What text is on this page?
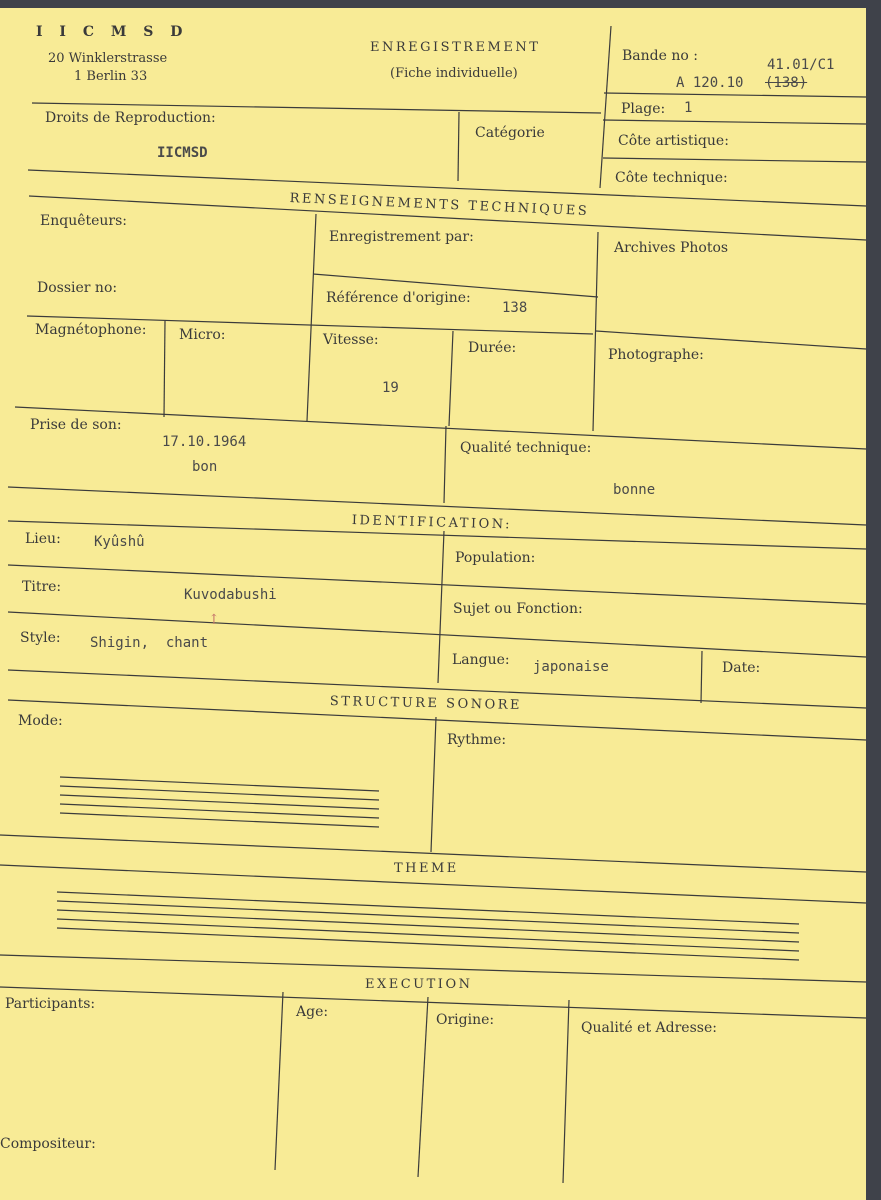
I I C M S D
20 Winklerstrasse
1 Berlin 33
ENREGISTREMENT
(Fiche individuelle)
Bande no :
41.01/C1
A 120.10 (138)
Plage: 1
Côte artistique:
Côte technique:
Droits de Reproduction:
IICMSD
Catégorie
RENSEIGNEMENTS TECHNIQUES
Enquêteurs:
Enregistrement par:
Archives Photos
Dossier no:
Référence d'origine:
138
Magnétophone: Micro:	Vitesse:
19
Durée:	Photographe:
Prise de son:
17.10.1964
bon
Qualité technique:
bonne
IDENTIFICATION:
Lieu: Kyûshû
Population:
Titre:	Kuvodabushi
↑
Sujet ou Fonction:
Style: Shigin,  chant
Langue: japonaise	Date:
STRUCTURE SONORE
Mode:
Rythme:
THEME
EXECUTION
Participants:	Age:	Origine:	Qualité et Adresse:
Compositeur:
